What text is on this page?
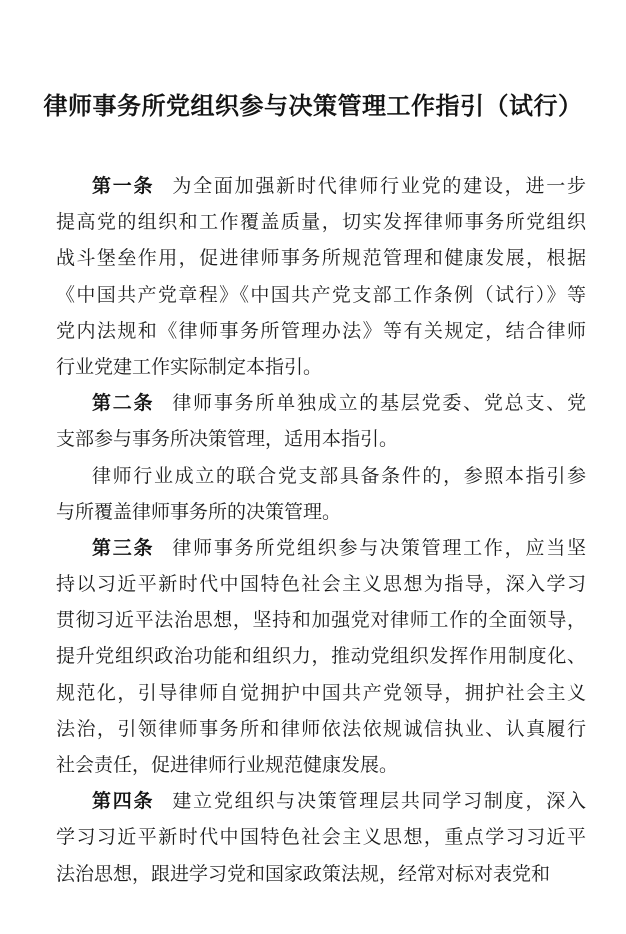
律师事务所党组织参与决策管理工作指引（试行）
第一条 为全面加强新时代律师行业党的建设，进一步
提高党的组织和工作覆盖质量，切实发挥律师事务所党组织
战斗堡垒作用，促进律师事务所规范管理和健康发展，根据
《中国共产党章程》《中国共产党支部工作条例（试行）》等
党内法规和《律师事务所管理办法》等有关规定，结合律师
行业党建工作实际制定本指引。
第二条 律师事务所单独成立的基层党委、党总支、党
支部参与事务所决策管理，适用本指引。
律师行业成立的联合党支部具备条件的，参照本指引参
与所覆盖律师事务所的决策管理。
第三条 律师事务所党组织参与决策管理工作，应当坚
持以习近平新时代中国特色社会主义思想为指导，深入学习
贯彻习近平法治思想，坚持和加强党对律师工作的全面领导，
提升党组织政治功能和组织力，推动党组织发挥作用制度化、
规范化，引导律师自觉拥护中国共产党领导，拥护社会主义
法治，引领律师事务所和律师依法依规诚信执业、认真履行
社会责任，促进律师行业规范健康发展。
第四条 建立党组织与决策管理层共同学习制度，深入
学习习近平新时代中国特色社会主义思想，重点学习习近平
法治思想，跟进学习党和国家政策法规，经常对标对表党和
